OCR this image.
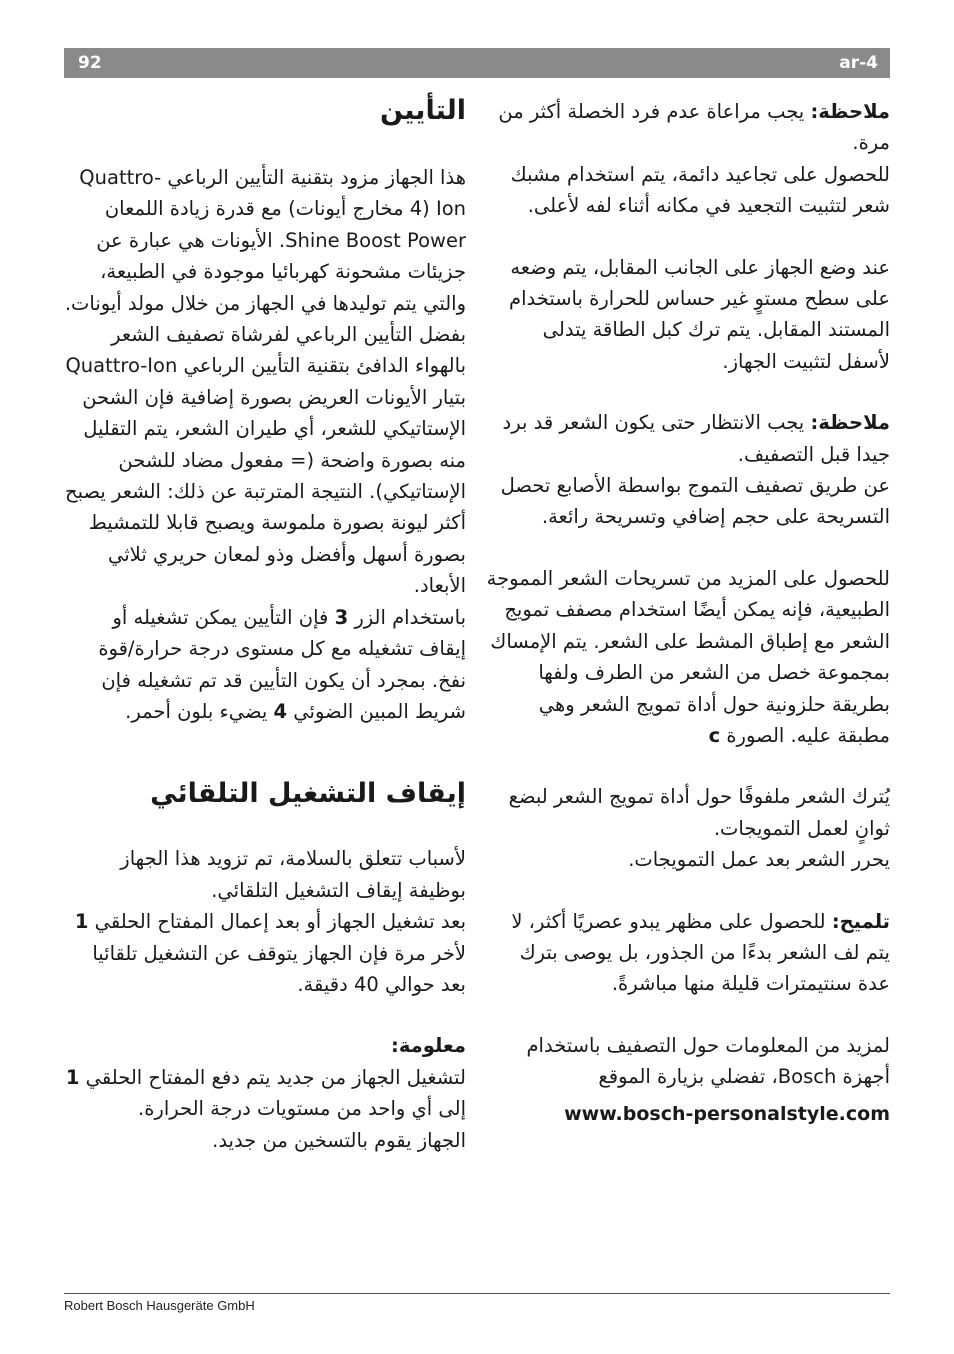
92	ar-4

ملاحظة: يجب مراعاة عدم فرد الخصلة أكثر من مرة.

للحصول على تجاعيد دائمة، يتم استخدام مشبك شعر لتثبيت التجعيد في مكانه أثناء لفه لأعلى.

عند وضع الجهاز على الجانب المقابل، يتم وضعه على سطح مستوٍ غير حساس للحرارة باستخدام المستند المقابل. يتم ترك كبل الطاقة يتدلى لأسفل لتثبيت الجهاز.

ملاحظة: يجب الانتظار حتى يكون الشعر قد برد جيدا قبل التصفيف.

عن طريق تصفيف التموج بواسطة الأصابع تحصل التسريحة على حجم إضافي وتسريحة رائعة.

للحصول على المزيد من تسريحات الشعر المموجة الطبيعية، فإنه يمكن أيضًا استخدام مصفف تمويج الشعر مع إطباق المشط على الشعر. يتم الإمساك بمجموعة خصل من الشعر من الطرف ولفها بطريقة حلزونية حول أداة تمويج الشعر وهي مطبقة عليه. الصورة c

يُترك الشعر ملفوفًا حول أداة تمويج الشعر لبضع ثوانٍ لعمل التمويجات.

يحرر الشعر بعد عمل التمويجات.

تلميح: للحصول على مظهر يبدو عصريًا أكثر، لا يتم لف الشعر بدءًا من الجذور، بل يوصى بترك عدة سنتيمترات قليلة منها مباشرةً.

لمزيد من المعلومات حول التصفيف باستخدام أجهزة Bosch، تفضلي بزيارة الموقع

www.bosch-personalstyle.com
التأيين

هذا الجهاز مزود بتقنية التأيين الرباعي Quattro-Ion (4 مخارج أيونات) مع قدرة زيادة اللمعان Shine Boost Power. الأيونات هي عبارة عن جزيئات مشحونة كهربائيا موجودة في الطبيعة، والتي يتم توليدها في الجهاز من خلال مولد أيونات. بفضل التأيين الرباعي لفرشاة تصفيف الشعر بالهواء الدافئ بتقنية التأيين الرباعي Quattro-Ion بتيار الأيونات العريض بصورة إضافية فإن الشحن الإستاتيكي للشعر، أي طيران الشعر، يتم التقليل منه بصورة واضحة (= مفعول مضاد للشحن الإستاتيكي). النتيجة المترتبة عن ذلك: الشعر يصبح أكثر ليونة بصورة ملموسة ويصبح قابلا للتمشيط بصورة أسهل وأفضل وذو لمعان حريري ثلاثي الأبعاد.

باستخدام الزر 3 فإن التأيين يمكن تشغيله أو إيقاف تشغيله مع كل مستوى درجة حرارة/قوة نفخ. بمجرد أن يكون التأيين قد تم تشغيله فإن شريط المبين الضوئي 4 يضيء بلون أحمر.

إيقاف التشغيل التلقائي

لأسباب تتعلق بالسلامة، تم تزويد هذا الجهاز بوظيفة إيقاف التشغيل التلقائي.

بعد تشغيل الجهاز أو بعد إعمال المفتاح الحلقي 1 لأخر مرة فإن الجهاز يتوقف عن التشغيل تلقائيا بعد حوالي 40 دقيقة.

معلومة:

لتشغيل الجهاز من جديد يتم دفع المفتاح الحلقي 1 إلى أي واحد من مستويات درجة الحرارة.

الجهاز يقوم بالتسخين من جديد.

Robert Bosch Hausgeräte GmbH
